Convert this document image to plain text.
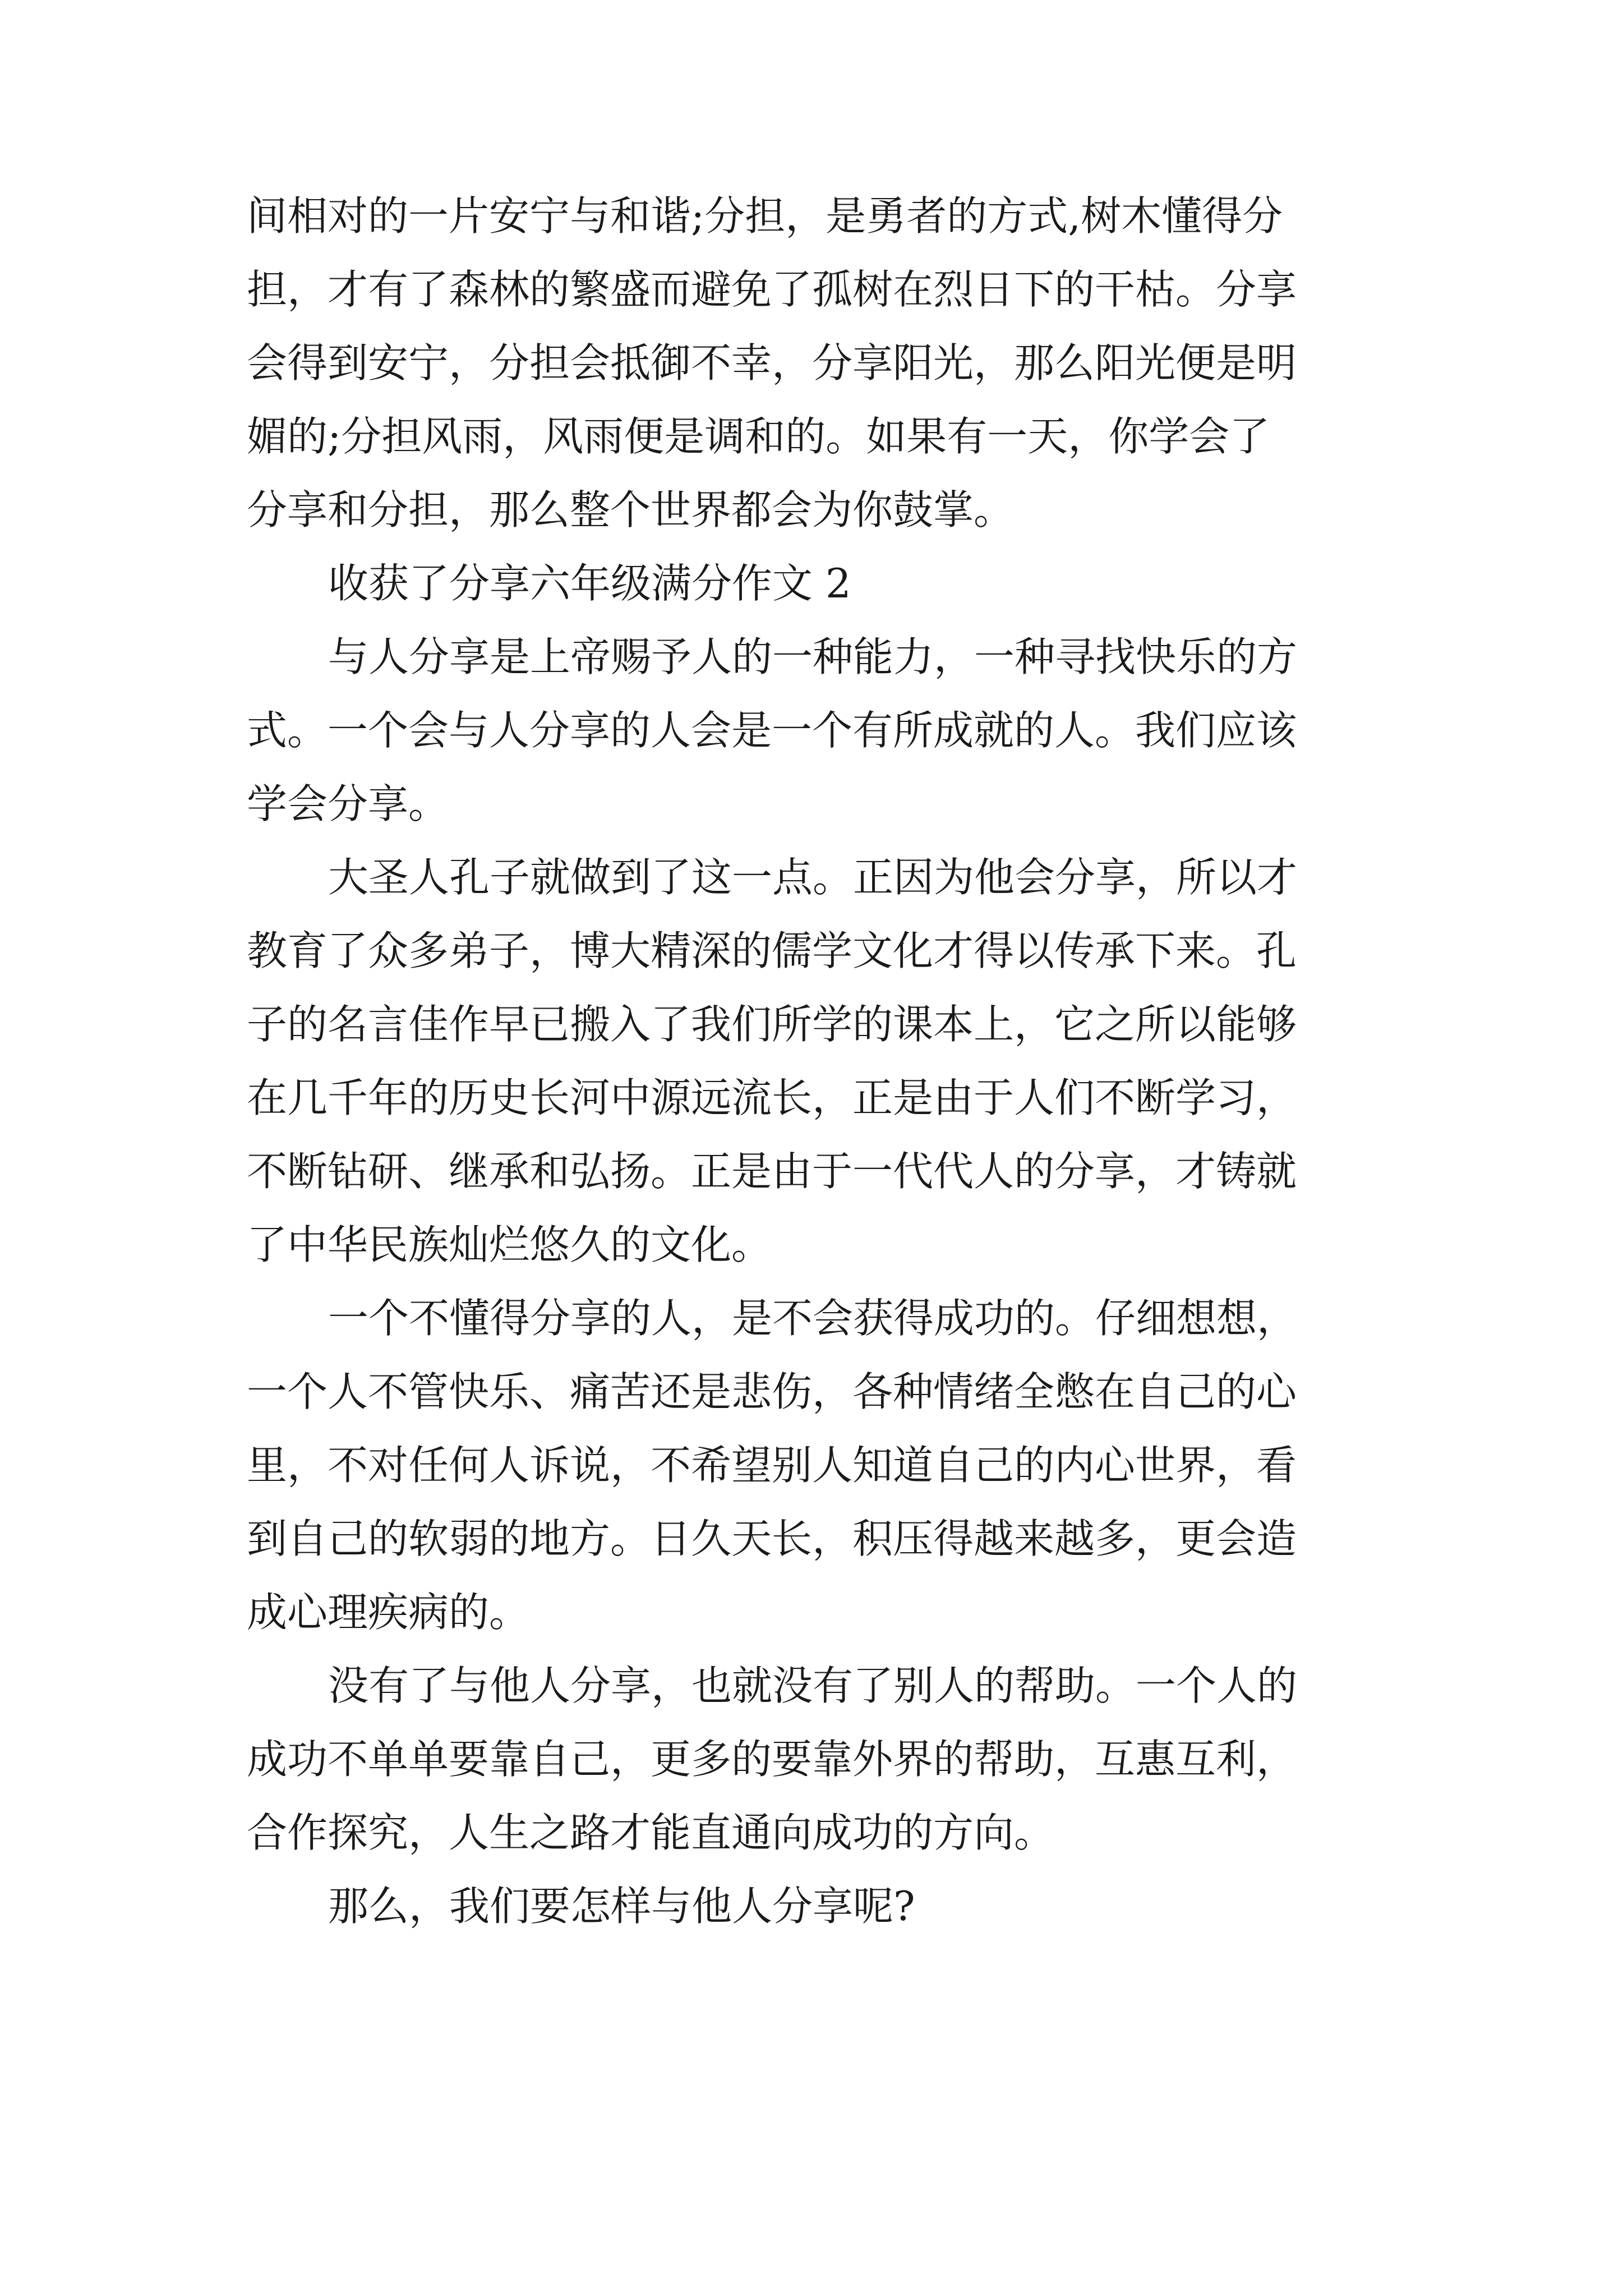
间相对的一片安宁与和谐;分担，是勇者的方式,树木懂得分
担，才有了森林的繁盛而避免了孤树在烈日下的干枯。分享
会得到安宁，分担会抵御不幸，分享阳光，那么阳光便是明
媚的;分担风雨，风雨便是调和的。如果有一天，你学会了
分享和分担，那么整个世界都会为你鼓掌。
收获了分享六年级满分作文 2
与人分享是上帝赐予人的一种能力，一种寻找快乐的方
式。一个会与人分享的人会是一个有所成就的人。我们应该
学会分享。
大圣人孔子就做到了这一点。正因为他会分享，所以才
教育了众多弟子，博大精深的儒学文化才得以传承下来。孔
子的名言佳作早已搬入了我们所学的课本上，它之所以能够
在几千年的历史长河中源远流长，正是由于人们不断学习，
不断钻研、继承和弘扬。正是由于一代代人的分享，才铸就
了中华民族灿烂悠久的文化。
一个不懂得分享的人，是不会获得成功的。仔细想想，
一个人不管快乐、痛苦还是悲伤，各种情绪全憋在自己的心
里，不对任何人诉说，不希望别人知道自己的内心世界，看
到自己的软弱的地方。日久天长，积压得越来越多，更会造
成心理疾病的。
没有了与他人分享，也就没有了别人的帮助。一个人的
成功不单单要靠自己，更多的要靠外界的帮助，互惠互利，
合作探究，人生之路才能直通向成功的方向。
那么，我们要怎样与他人分享呢?
